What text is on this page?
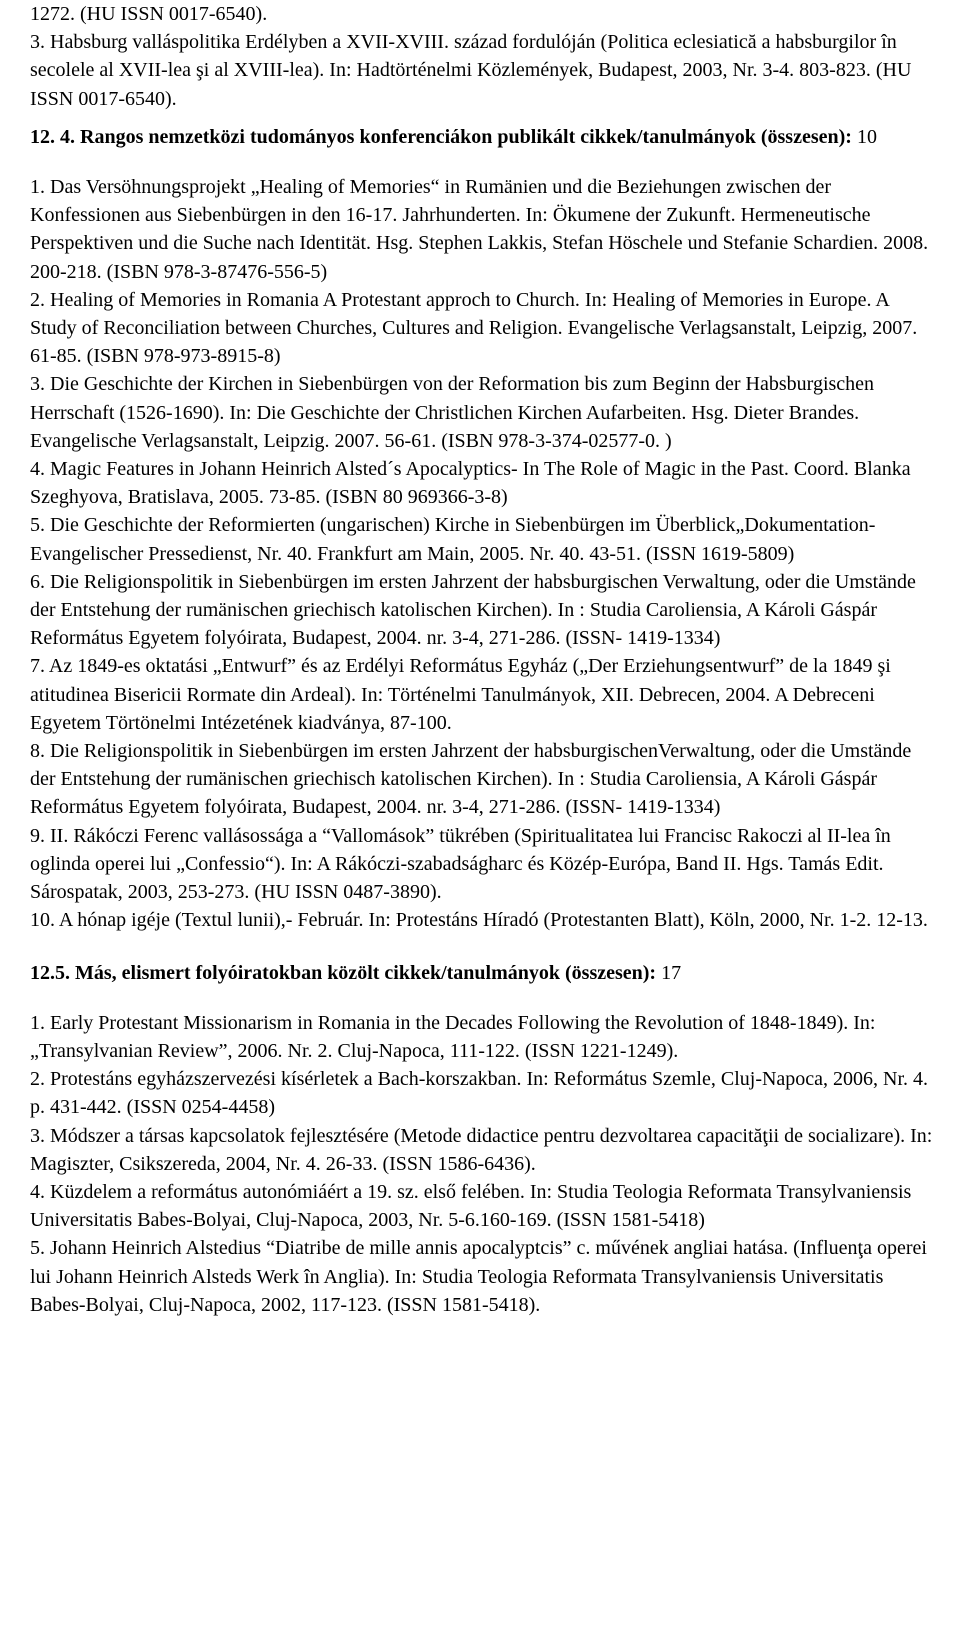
1272. (HU ISSN 0017-6540).

3. Habsburg valláspolitika Erdélyben a XVII-XVIII. század fordulóján (Politica eclesiatică a habsburgilor în secolele al XVII-lea şi al XVIII-lea). In: Hadtörténelmi Közlemények, Budapest, 2003, Nr. 3-4. 803-823. (HU ISSN 0017-6540).

12. 4. Rangos nemzetközi tudományos konferenciákon publikált cikkek/tanulmányok (összesen): 10

1. Das Versöhnungsprojekt „Healing of Memories“ in Rumänien und die Beziehungen zwischen der Konfessionen aus Siebenbürgen in den 16-17. Jahrhunderten. In: Ökumene der Zukunft. Hermeneutische Perspektiven und die Suche nach Identität. Hsg. Stephen Lakkis, Stefan Höschele und Stefanie Schardien. 2008. 200-218. (ISBN 978-3-87476-556-5)

2. Healing of Memories in Romania A Protestant approch to Church. In: Healing of Memories in Europe. A Study of Reconciliation between Churches, Cultures and Religion. Evangelische Verlagsanstalt, Leipzig, 2007. 61-85. (ISBN 978-973-8915-8)

3. Die Geschichte der Kirchen in Siebenbürgen von der Reformation bis zum Beginn der Habsburgischen Herrschaft (1526-1690). In: Die Geschichte der Christlichen Kirchen Aufarbeiten. Hsg. Dieter Brandes. Evangelische Verlagsanstalt, Leipzig. 2007. 56-61. (ISBN 978-3-374-02577-0. )

4. Magic Features in Johann Heinrich Alsted´s Apocalyptics- In The Role of Magic in the Past. Coord. Blanka Szeghyova, Bratislava, 2005. 73-85. (ISBN 80 969366-3-8)

5. Die Geschichte der Reformierten (ungarischen) Kirche in Siebenbürgen im Überblick„Dokumentation- Evangelischer Pressedienst, Nr. 40. Frankfurt am Main, 2005. Nr. 40. 43-51. (ISSN 1619-5809)

6. Die Religionspolitik in Siebenbürgen im ersten Jahrzent der habsburgischen Verwaltung, oder die Umstände der Entstehung der rumänischen griechisch katolischen Kirchen). In : Studia Caroliensia, A Károli Gáspár Református Egyetem folyóirata, Budapest, 2004. nr. 3-4, 271-286. (ISSN- 1419-1334)

7. Az 1849-es oktatási „Entwurf” és az Erdélyi Református Egyház („Der Erziehungsentwurf” de la 1849 şi atitudinea Bisericii Rormate din Ardeal). In: Történelmi Tanulmányok, XII. Debrecen, 2004. A Debreceni Egyetem Törtönelmi Intézetének kiadványa, 87-100.

8. Die Religionspolitik in Siebenbürgen im ersten Jahrzent der habsburgischenVerwaltung, oder die Umstände der Entstehung der rumänischen griechisch katolischen Kirchen). In : Studia Caroliensia, A Károli Gáspár Református Egyetem folyóirata, Budapest, 2004. nr. 3-4, 271-286. (ISSN- 1419-1334)

9. II. Rákóczi Ferenc vallásossága a “Vallomások” tükrében (Spiritualitatea lui Francisc Rakoczi al II-lea în oglinda operei lui „Confessio“). In: A Rákóczi-szabadságharc és Közép-Európa, Band II. Hgs. Tamás Edit. Sárospatak, 2003, 253-273. (HU ISSN 0487-3890).

10. A hónap igéje (Textul lunii),- Február. In: Protestáns Híradó (Protestanten Blatt), Köln, 2000, Nr. 1-2. 12-13.

12.5. Más, elismert folyóiratokban közölt cikkek/tanulmányok (összesen): 17

1. Early Protestant Missionarism in Romania in the Decades Following the Revolution of 1848-1849). In: „Transylvanian Review”, 2006. Nr. 2. Cluj-Napoca, 111-122. (ISSN 1221-1249).

2. Protestáns egyházszervezési kísérletek a Bach-korszakban. In: Református Szemle, Cluj-Napoca, 2006, Nr. 4. p. 431-442. (ISSN 0254-4458)

3. Módszer a társas kapcsolatok fejlesztésére (Metode didactice pentru dezvoltarea capacităţii de socializare). In: Magiszter, Csikszereda, 2004, Nr. 4. 26-33. (ISSN 1586-6436).

4. Küzdelem a református autonómiáért a 19. sz. első felében. In: Studia Teologia Reformata Transylvaniensis Universitatis Babes-Bolyai, Cluj-Napoca, 2003, Nr. 5-6.160-169. (ISSN 1581-5418)

5. Johann Heinrich Alstedius “Diatribe de mille annis apocalyptcis” c. művének angliai hatása. (Influenţa operei lui Johann Heinrich Alsteds Werk în Anglia). In: Studia Teologia Reformata Transylvaniensis Universitatis Babes-Bolyai, Cluj-Napoca, 2002, 117-123. (ISSN 1581-5418).
